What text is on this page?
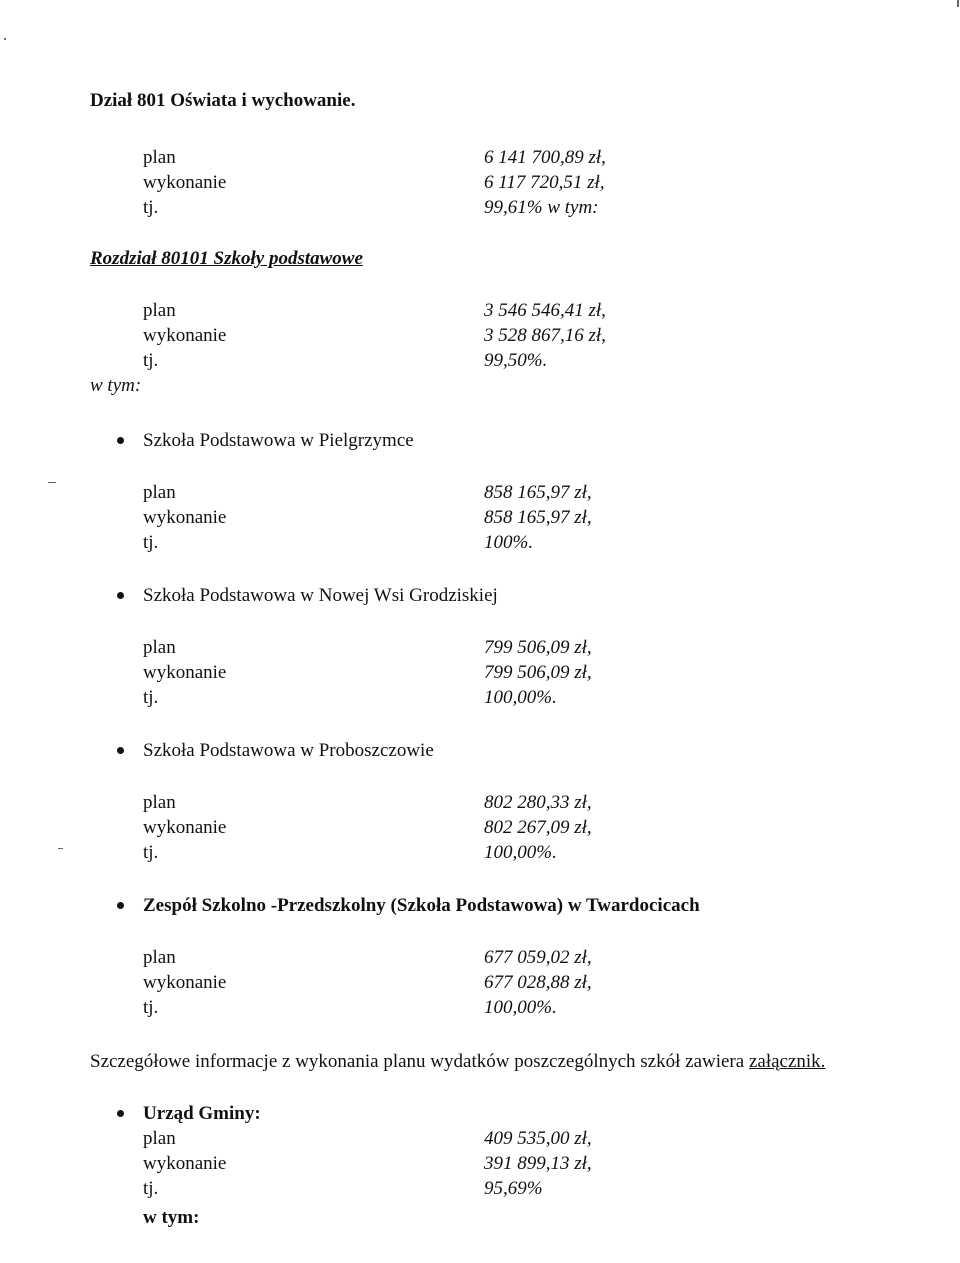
Dział 801 Oświata i wychowanie.
plan	6 141 700,89 zł,
wykonanie	6 117 720,51 zł,
tj.	99,61% w tym:
Rozdział 80101 Szkoły podstawowe
plan	3 546 546,41 zł,
wykonanie	3 528 867,16 zł,
tj.	99,50%.
w tym:
Szkoła Podstawowa w Pielgrzymce
plan	858 165,97 zł,
wykonanie	858 165,97 zł,
tj.	100%.
Szkoła Podstawowa w Nowej Wsi Grodziskiej
plan	799 506,09 zł,
wykonanie	799 506,09 zł,
tj.	100,00%.
Szkoła Podstawowa w Proboszczowie
plan	802 280,33 zł,
wykonanie	802 267,09 zł,
tj.	100,00%.
Zespół Szkolno -Przedszkolny (Szkoła Podstawowa) w Twardocicach
plan	677 059,02 zł,
wykonanie	677 028,88 zł,
tj.	100,00%.
Szczegółowe informacje z wykonania planu wydatków poszczególnych szkół zawiera załącznik.
Urząd Gminy:
plan	409 535,00 zł,
wykonanie	391 899,13 zł,
tj.	95,69%
w tym:
